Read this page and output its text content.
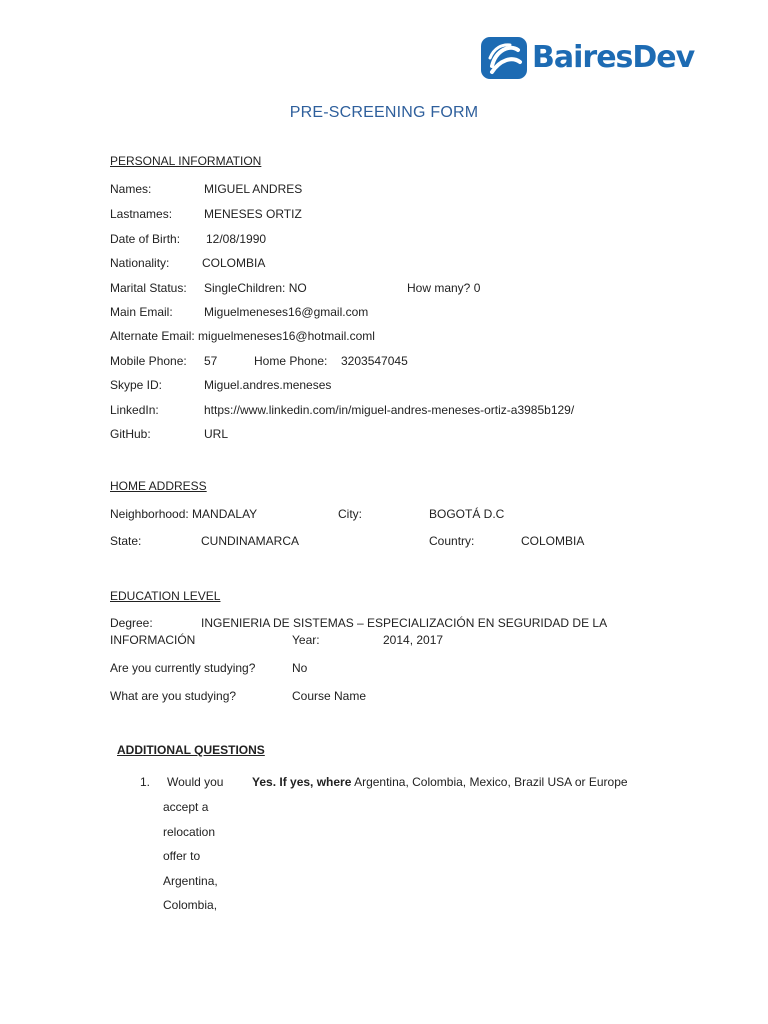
BairesDev
PRE-SCREENING FORM
PERSONAL INFORMATION
Names:	MIGUEL ANDRES
Lastnames:	MENESES ORTIZ
Date of Birth: 12/08/1990
Nationality:	COLOMBIA
Marital Status: SingleChildren: NO	How many? 0
Main Email:	Miguelmeneses16@gmail.com
Alternate Email: miguelmeneses16@hotmail.coml
Mobile Phone: 57	Home Phone: 3203547045
Skype ID:	Miguel.andres.meneses
LinkedIn:	https://www.linkedin.com/in/miguel-andres-meneses-ortiz-a3985b129/
GitHub:	URL
HOME ADDRESS
Neighborhood: MANDALAY	City:	BOGOTÁ D.C
State:	CUNDINAMARCA	Country:	COLOMBIA
EDUCATION LEVEL
Degree:	INGENIERIA DE SISTEMAS – ESPECIALIZACIÓN EN SEGURIDAD DE LA
INFORMACIÓN	Year:	2014, 2017
Are you currently studying?	No
What are you studying?	Course Name
ADDITIONAL QUESTIONS
1. Would you
accept a
relocation
offer to
Argentina,
Colombia,
Yes. If yes, where Argentina, Colombia, Mexico, Brazil USA or Europe
